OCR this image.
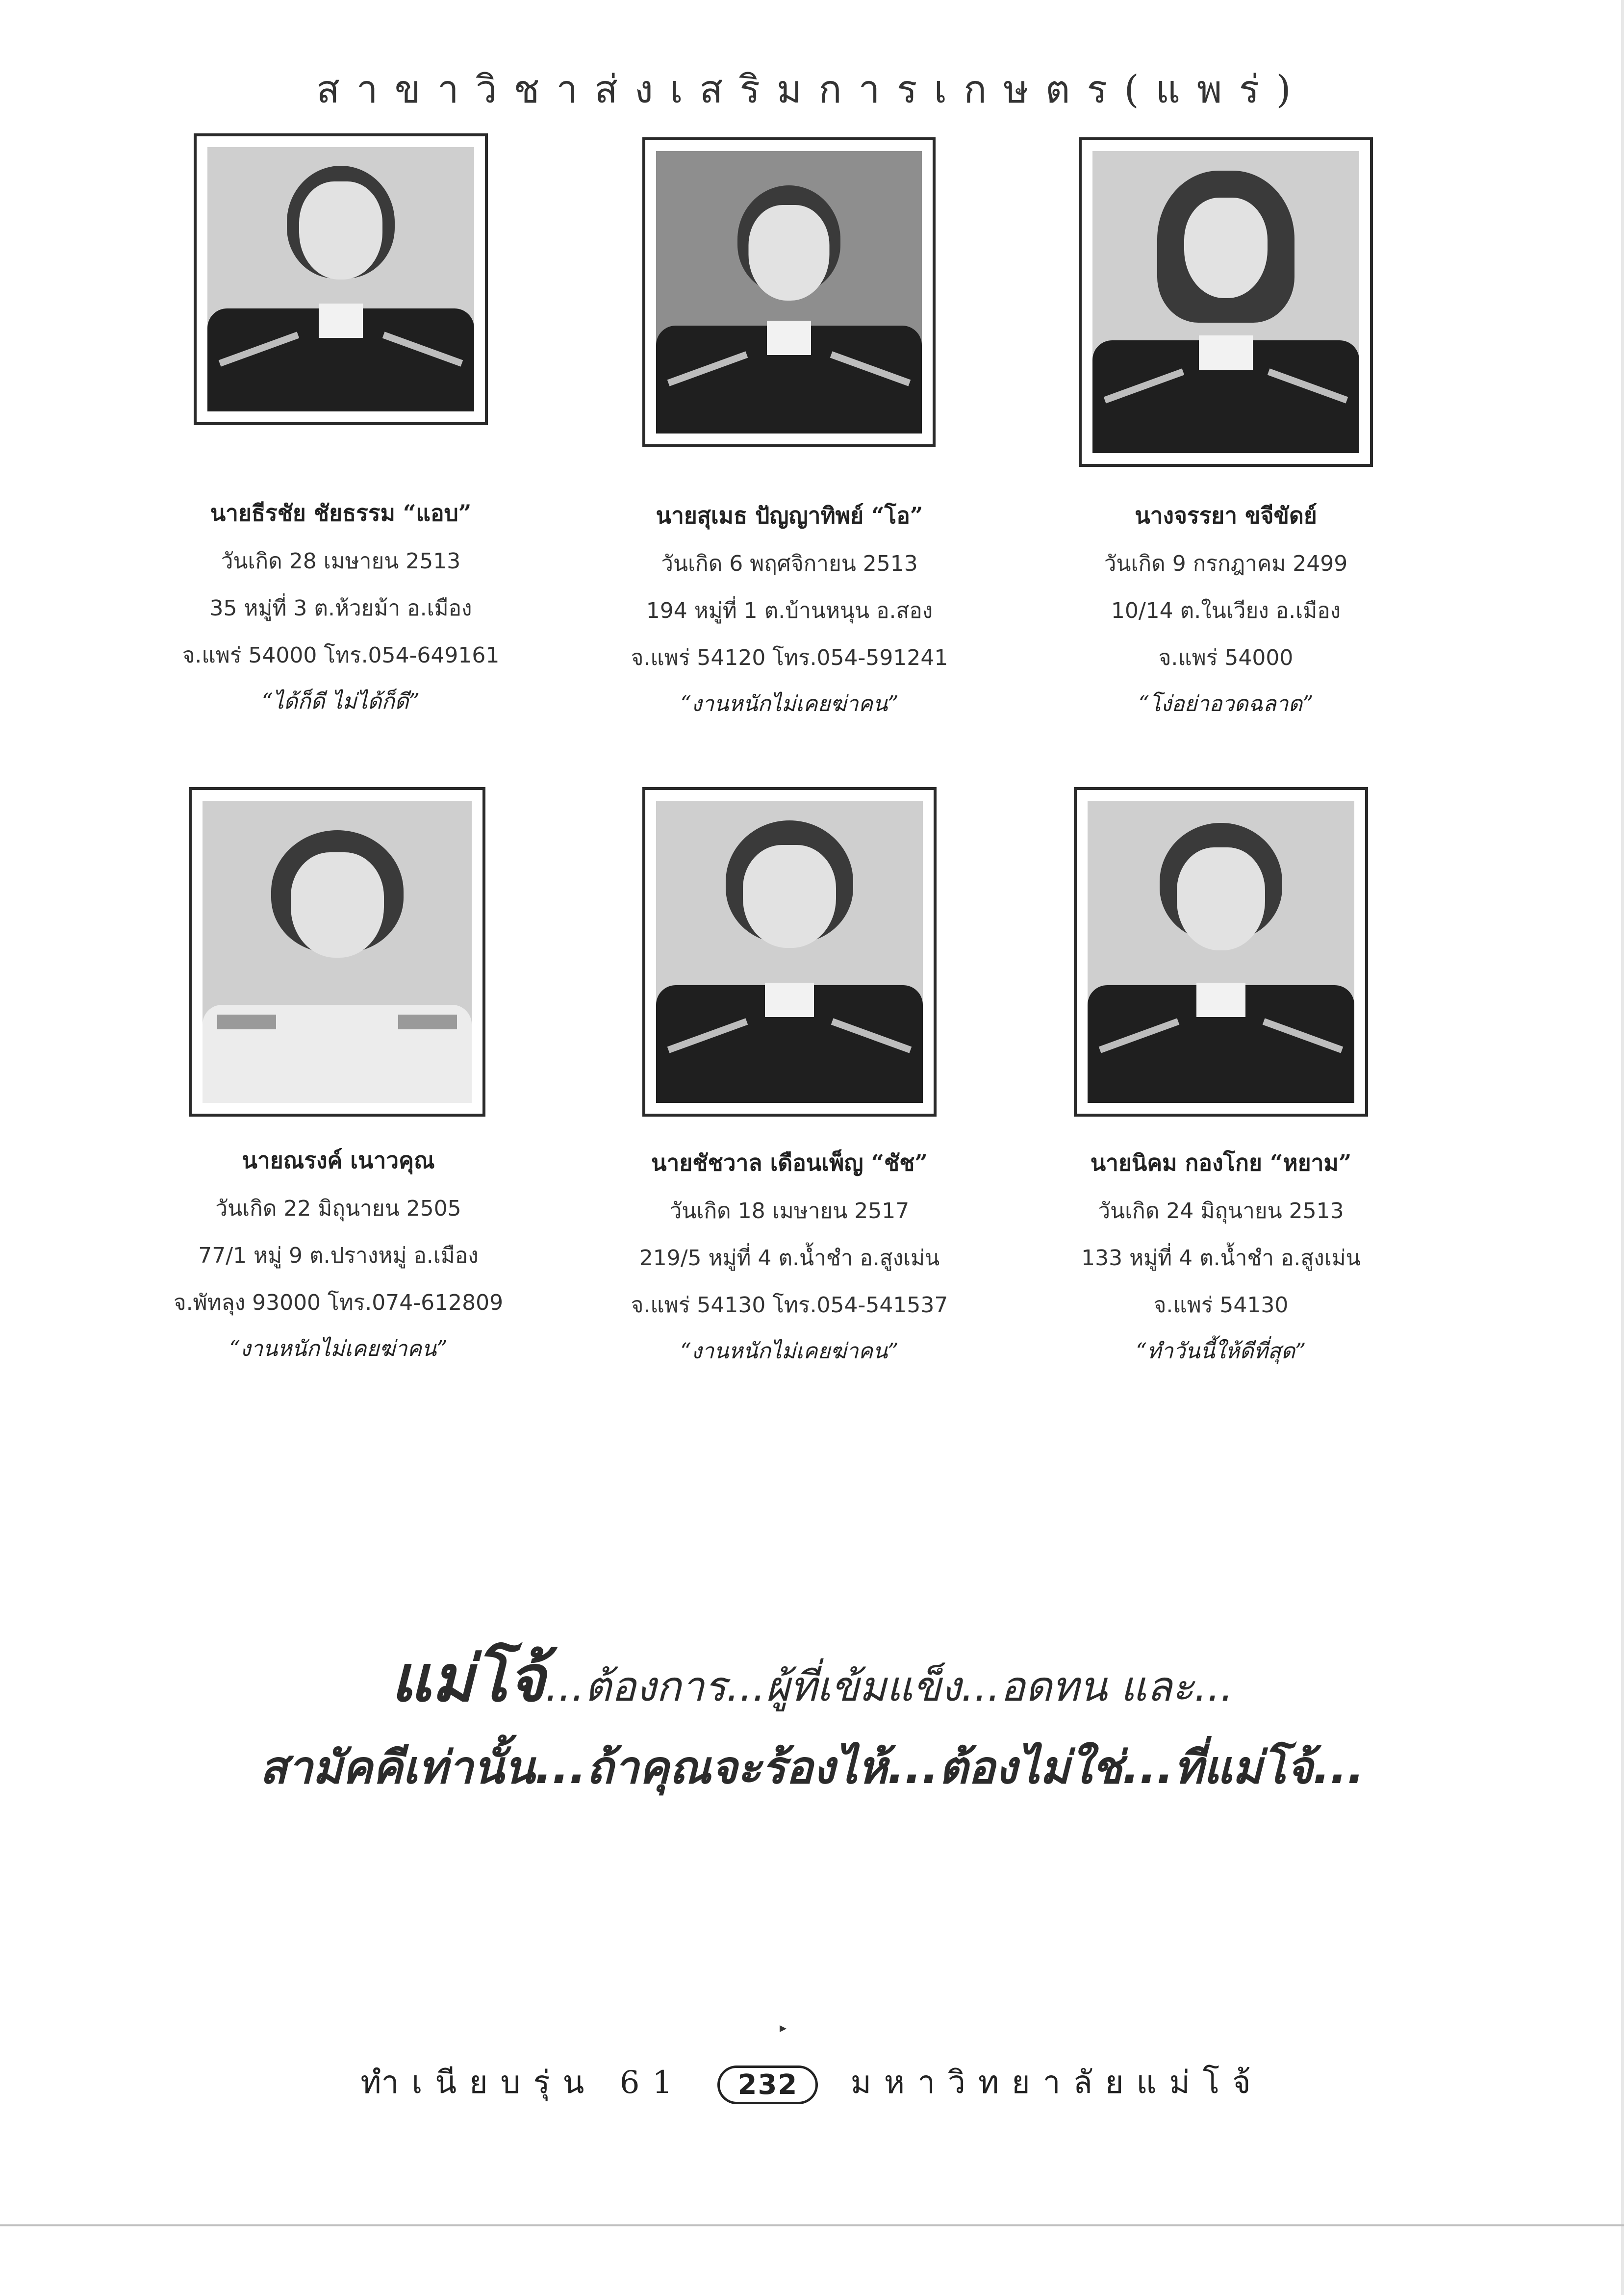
สาขาวิชาส่งเสริมการเกษตร(แพร่)
นายธีรชัย ชัยธรรม “แอบ”
วันเกิด 28 เมษายน 2513
35 หมู่ที่ 3 ต.ห้วยม้า อ.เมือง
จ.แพร่ 54000 โทร.054-649161
“ได้ก็ดี ไม่ได้ก็ดี”
นายสุเมธ ปัญญาทิพย์ “โอ”
วันเกิด 6 พฤศจิกายน 2513
194 หมู่ที่ 1 ต.บ้านหนุน อ.สอง
จ.แพร่ 54120 โทร.054-591241
“งานหนักไม่เคยฆ่าคน”
นางจรรยา ขจีขัดย์
วันเกิด 9 กรกฎาคม 2499
10/14 ต.ในเวียง อ.เมือง
จ.แพร่ 54000
“โง่อย่าอวดฉลาด”
นายณรงค์ เนาวคุณ
วันเกิด 22 มิถุนายน 2505
77/1 หมู่ 9 ต.ปรางหมู่ อ.เมือง
จ.พัทลุง 93000 โทร.074-612809
“งานหนักไม่เคยฆ่าคน”
นายชัชวาล เดือนเพ็ญ “ชัช”
วันเกิด 18 เมษายน 2517
219/5 หมู่ที่ 4 ต.น้ำชำ อ.สูงเม่น
จ.แพร่ 54130 โทร.054-541537
“งานหนักไม่เคยฆ่าคน”
นายนิคม กองโกย “หยาม”
วันเกิด 24 มิถุนายน 2513
133 หมู่ที่ 4 ต.น้ำชำ อ.สูงเม่น
จ.แพร่ 54130
“ทำวันนี้ให้ดีที่สุด”
แม่โจ้...ต้องการ...ผู้ที่เข้มแข็ง...อดทน และ...
สามัคคีเท่านั้น...ถ้าคุณจะร้องไห้...ต้องไม่ใช่...ที่แม่โจ้...
ทำเนียบรุ่น 61 232 มหาวิทยาลัยแม่โจ้
